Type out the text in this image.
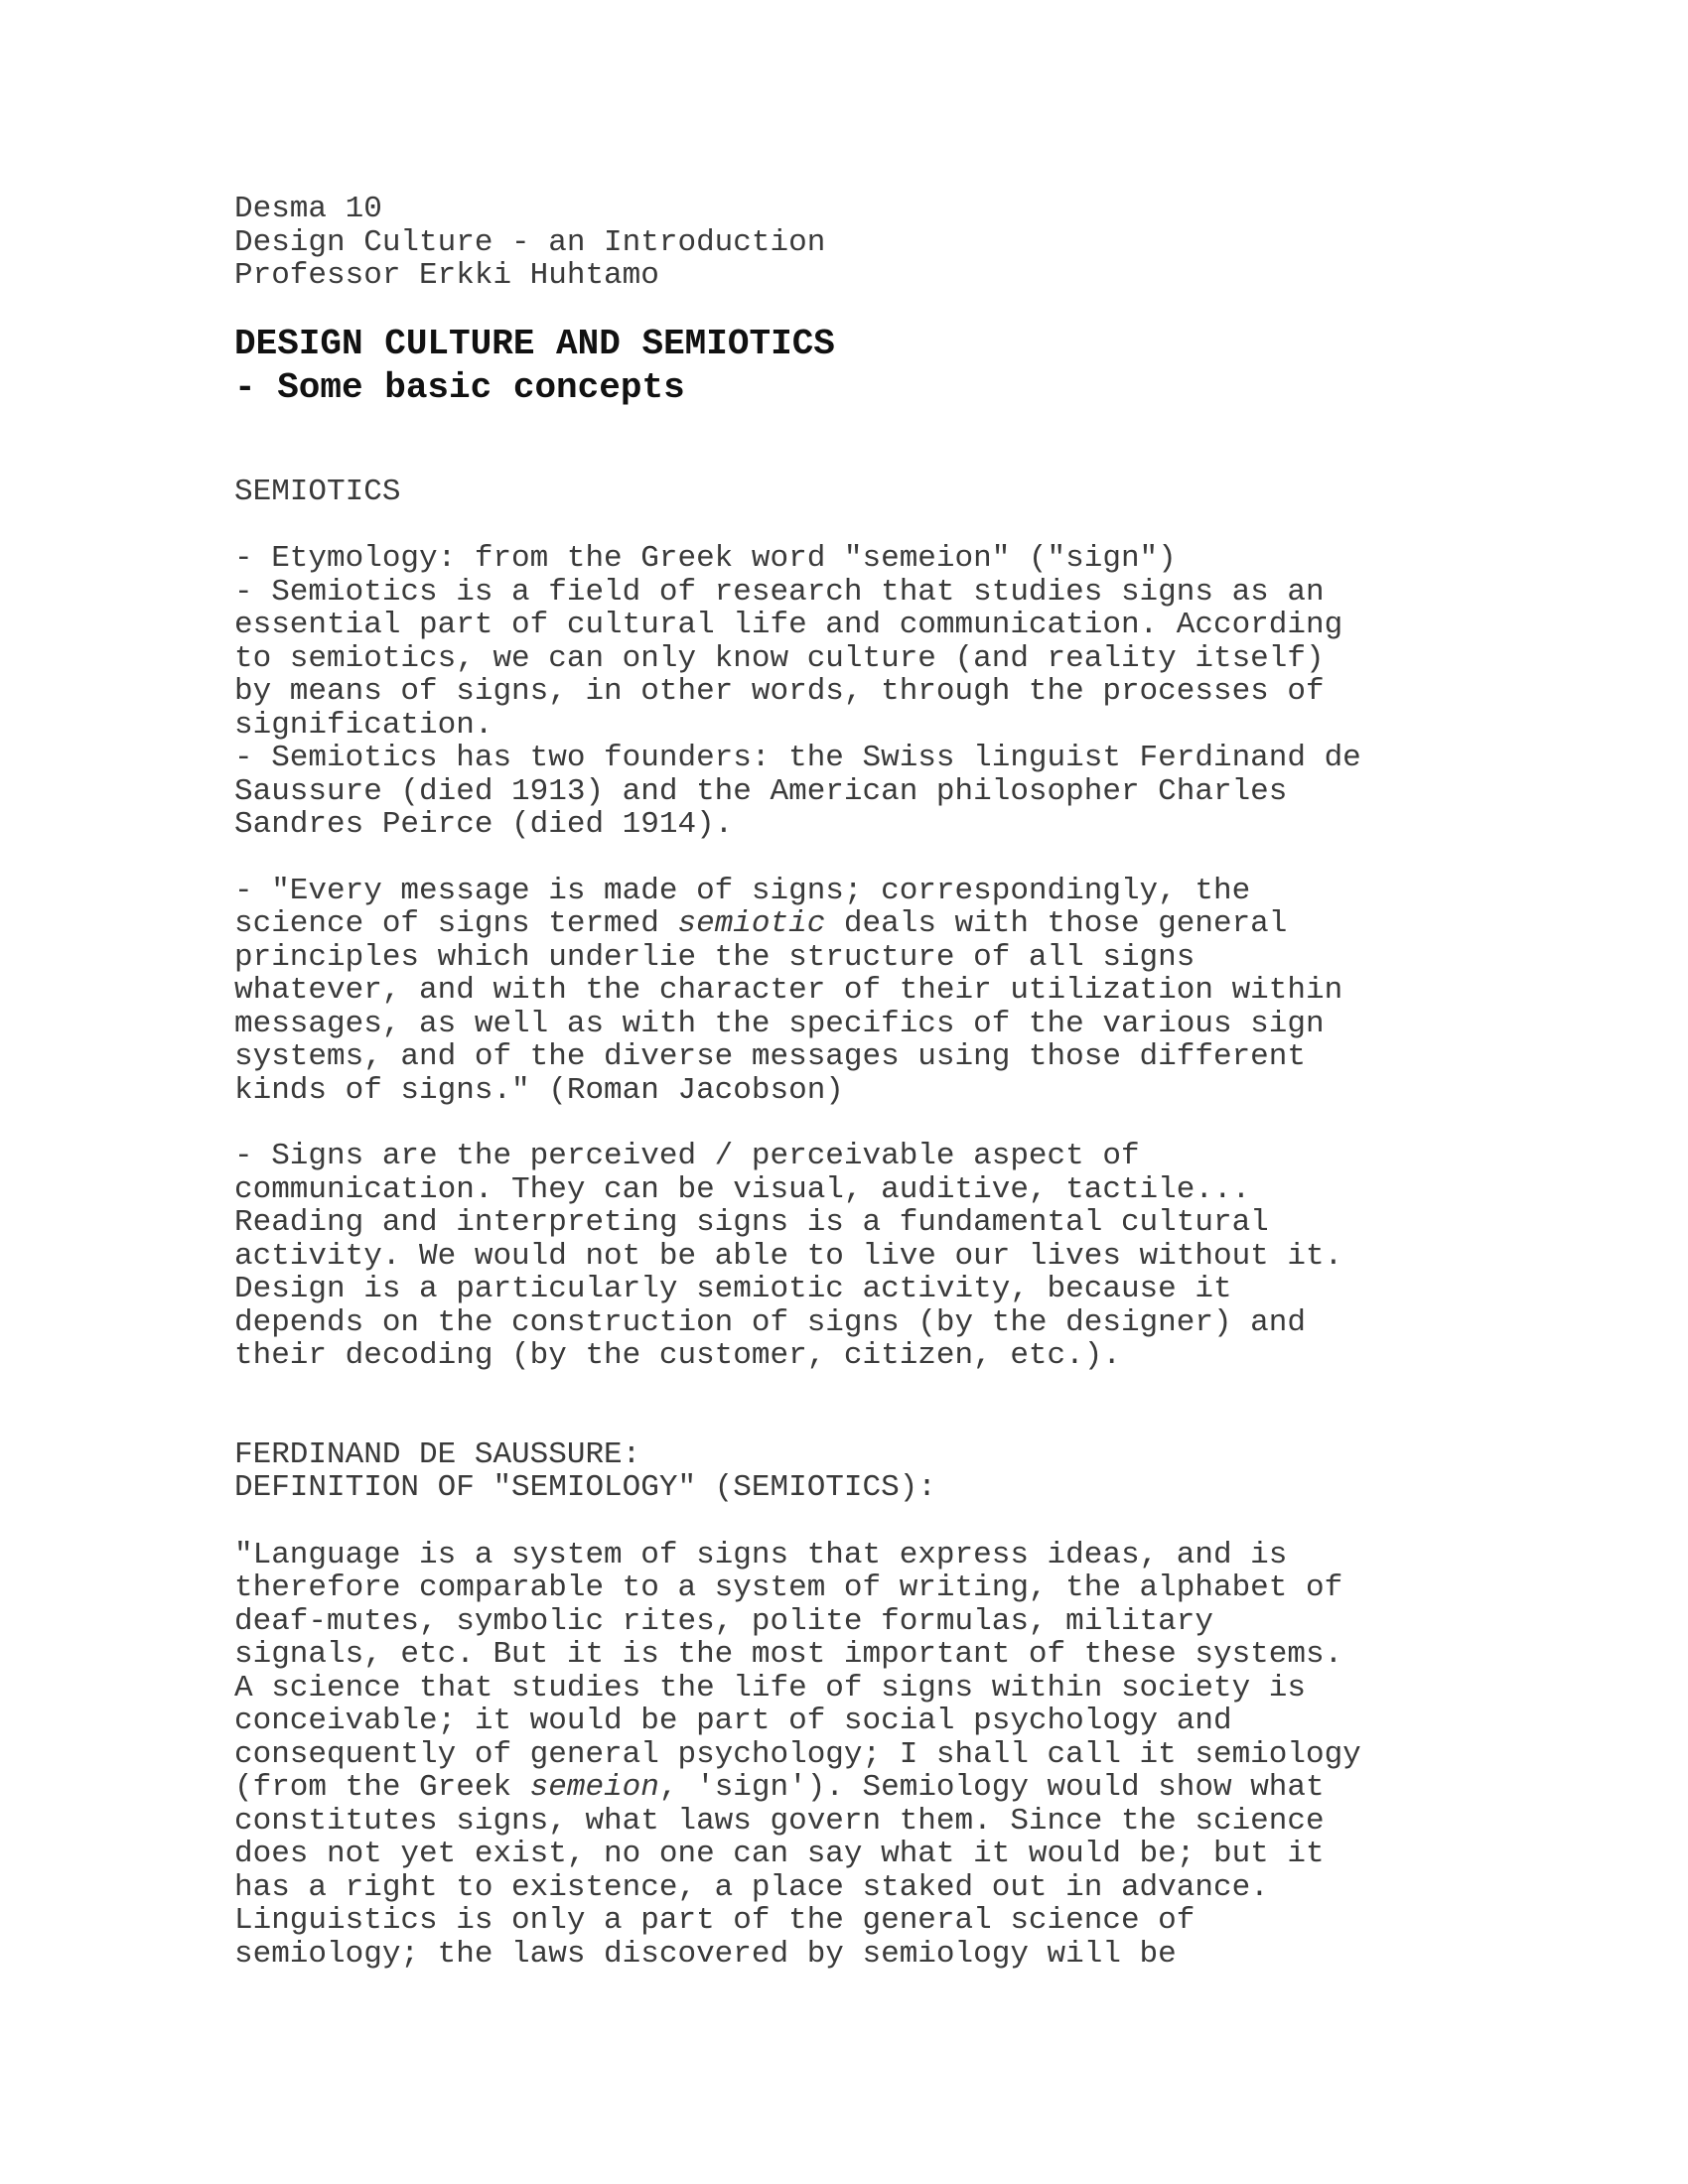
Desma 10
Design Culture - an Introduction
Professor Erkki Huhtamo
DESIGN CULTURE AND SEMIOTICS
- Some basic concepts
SEMIOTICS
- Etymology: from the Greek word "semeion" ("sign")
- Semiotics is a field of research that studies signs as an
essential part of cultural life and communication. According
to semiotics, we can only know culture (and reality itself)
by means of signs, in other words, through the processes of
signification.
- Semiotics has two founders: the Swiss linguist Ferdinand de
Saussure (died 1913) and the American philosopher Charles
Sandres Peirce (died 1914).
- "Every message is made of signs; correspondingly, the
science of signs termed semiotic deals with those general
principles which underlie the structure of all signs
whatever, and with the character of their utilization within
messages, as well as with the specifics of the various sign
systems, and of the diverse messages using those different
kinds of signs." (Roman Jacobson)
- Signs are the perceived / perceivable aspect of
communication. They can be visual, auditive, tactile...
Reading and interpreting signs is a fundamental cultural
activity. We would not be able to live our lives without it.
Design is a particularly semiotic activity, because it
depends on the construction of signs (by the designer) and
their decoding (by the customer, citizen, etc.).
FERDINAND DE SAUSSURE:
DEFINITION OF "SEMIOLOGY" (SEMIOTICS):
"Language is a system of signs that express ideas, and is
therefore comparable to a system of writing, the alphabet of
deaf-mutes, symbolic rites, polite formulas, military
signals, etc. But it is the most important of these systems.
A science that studies the life of signs within society is
conceivable; it would be part of social psychology and
consequently of general psychology; I shall call it semiology
(from the Greek semeion, 'sign'). Semiology would show what
constitutes signs, what laws govern them. Since the science
does not yet exist, no one can say what it would be; but it
has a right to existence, a place staked out in advance.
Linguistics is only a part of the general science of
semiology; the laws discovered by semiology will be
